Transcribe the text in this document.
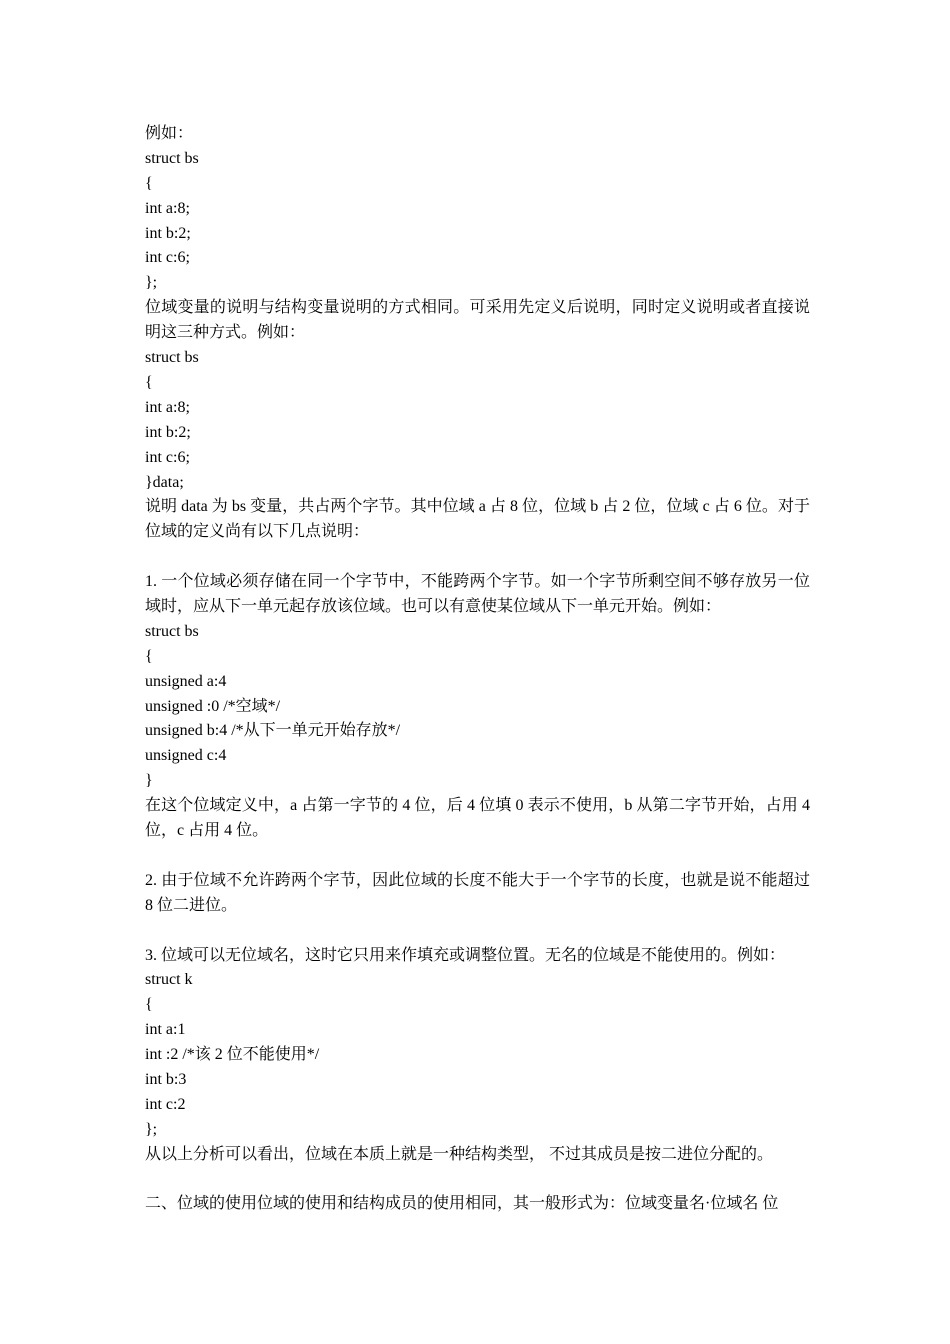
例如：
struct bs
{
int a:8;
int b:2;
int c:6;
};
位域变量的说明与结构变量说明的方式相同。可采用先定义后说明，同时定义说明或者直接说明这三种方式。例如：
struct bs
{
int a:8;
int b:2;
int c:6;
}data;
说明 data 为 bs 变量，共占两个字节。其中位域 a 占 8 位，位域 b 占 2 位，位域 c 占 6 位。对于位域的定义尚有以下几点说明：
1. 一个位域必须存储在同一个字节中，不能跨两个字节。如一个字节所剩空间不够存放另一位域时，应从下一单元起存放该位域。也可以有意使某位域从下一单元开始。例如：
struct bs
{
unsigned a:4
unsigned :0 /*空域*/
unsigned b:4 /*从下一单元开始存放*/
unsigned c:4
}
在这个位域定义中，a 占第一字节的 4 位，后 4 位填 0 表示不使用，b 从第二字节开始，占用 4 位，c 占用 4 位。
2. 由于位域不允许跨两个字节，因此位域的长度不能大于一个字节的长度，也就是说不能超过 8 位二进位。
3. 位域可以无位域名，这时它只用来作填充或调整位置。无名的位域是不能使用的。例如：
struct k
{
int a:1
int :2 /*该 2 位不能使用*/
int b:3
int c:2
};
从以上分析可以看出，位域在本质上就是一种结构类型， 不过其成员是按二进位分配的。
二、位域的使用位域的使用和结构成员的使用相同，其一般形式为：位域变量名·位域名 位
